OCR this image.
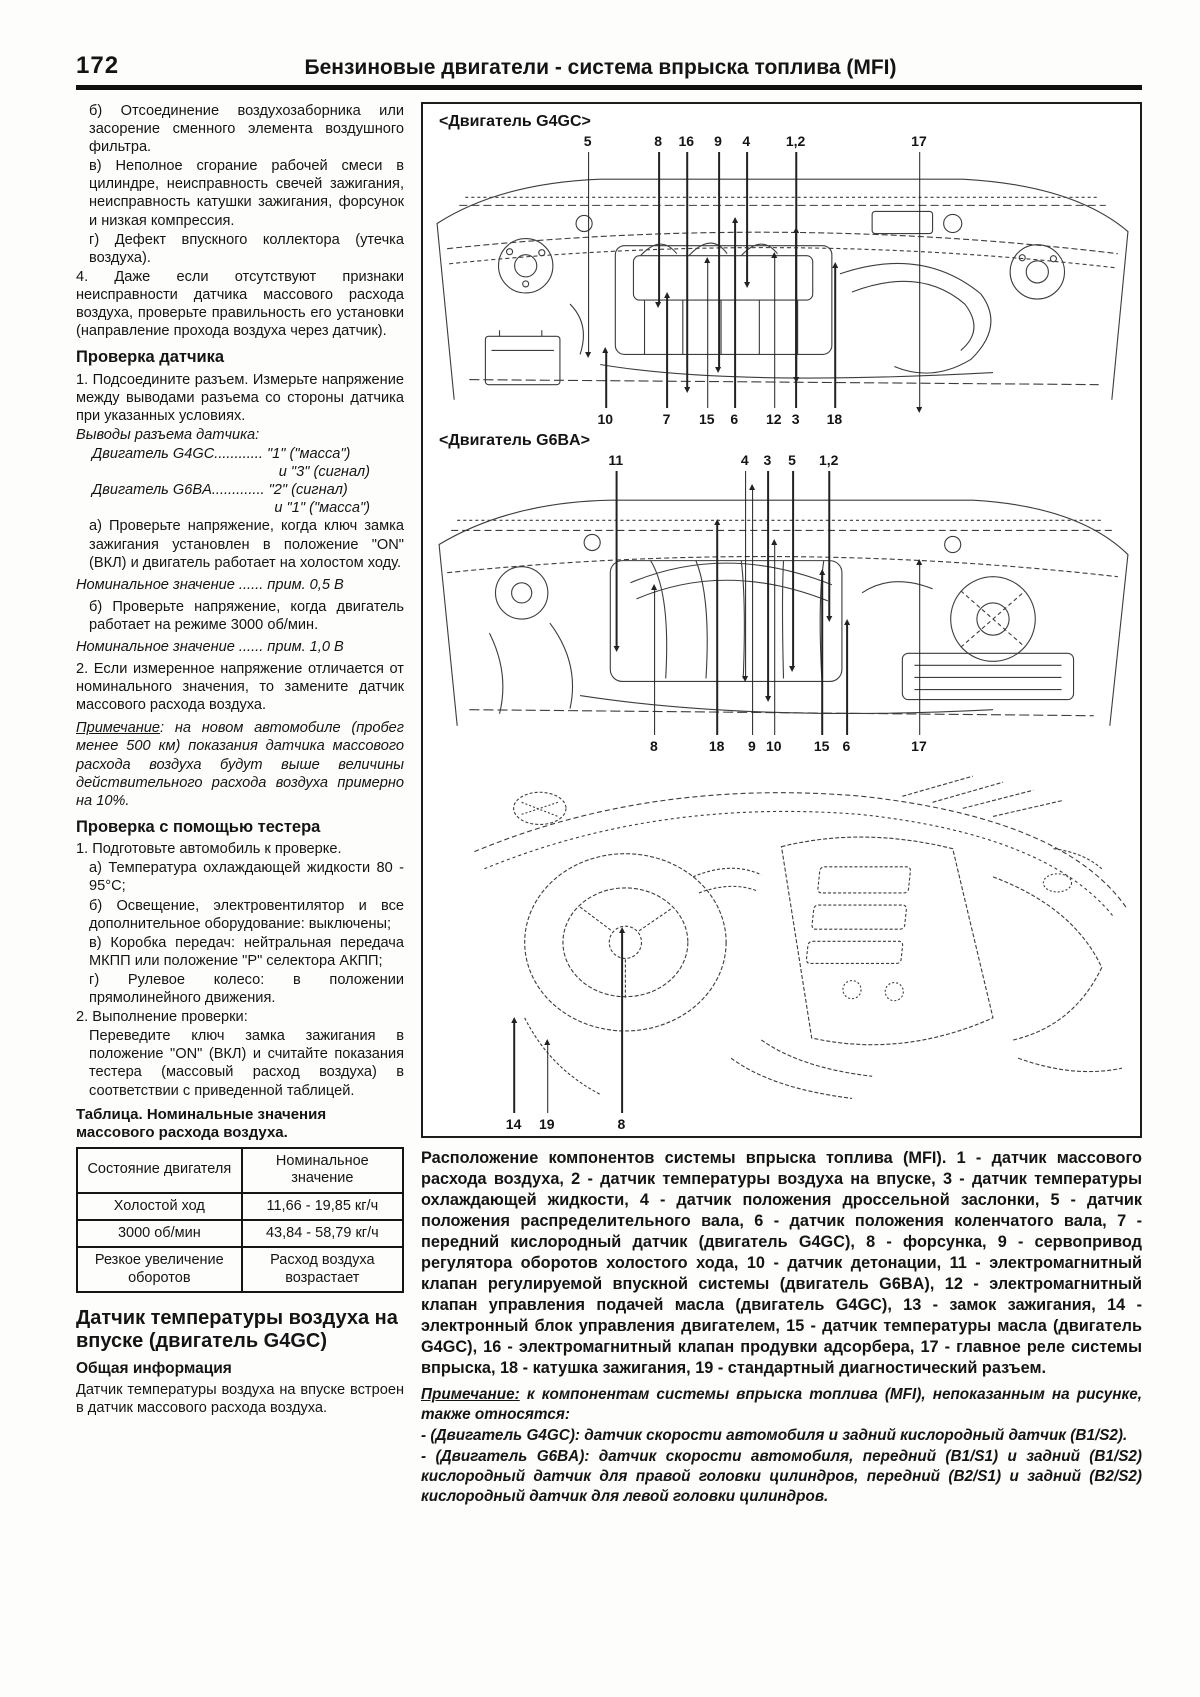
172	Бензиновые двигатели - система впрыска топлива (MFI)

б) Отсоединение воздухозаборника или засорение сменного элемента воздушного фильтра.

в) Неполное сгорание рабочей смеси в цилиндре, неисправность свечей зажигания, неисправность катушки зажигания, форсунок и низкая компрессия.

г) Дефект впускного коллектора (утечка воздуха).

4. Даже если отсутствуют признаки неисправности датчика массового расхода воздуха, проверьте правильность его установки (направление прохода воздуха через датчик).

Проверка датчика

1. Подсоедините разъем. Измерьте напряжение между выводами разъема со стороны датчика при указанных условиях.

Выводы разъема датчика:

Двигатель G4GC............ "1" ("масса")

и "3" (сигнал)

Двигатель G6BA............. "2" (сигнал)

и "1" ("масса")

а) Проверьте напряжение, когда ключ замка зажигания установлен в положение "ON" (ВКЛ) и двигатель работает на холостом ходу.

Номинальное значение ...... прим. 0,5 В

б) Проверьте напряжение, когда двигатель работает на режиме 3000 об/мин.

Номинальное значение ...... прим. 1,0 В

2. Если измеренное напряжение отличается от номинального значения, то замените датчик массового расхода воздуха.

Примечание: на новом автомобиле (пробег менее 500 км) показания датчика массового расхода воздуха будут выше величины действительного расхода воздуха примерно на 10%.

Проверка с помощью тестера

1. Подготовьте автомобиль к проверке.

а) Температура охлаждающей жидкости 80 - 95°С;

б) Освещение, электровентилятор и все дополнительное оборудование: выключены;

в) Коробка передач: нейтральная передача МКПП или положение "Р" селектора АКПП;

г) Рулевое колесо: в положении прямолинейного движения.

2. Выполнение проверки:

Переведите ключ замка зажигания в положение "ON" (ВКЛ) и считайте показания тестера (массовый расход воздуха) в соответствии с приведенной таблицей.

Таблица. Номинальные значения массового расхода воздуха.
Состояние двигателя	Номинальное значение
Холостой ход	11,66 - 19,85 кг/ч
3000 об/мин	43,84 - 58,79 кг/ч
Резкое увеличение оборотов	Расход воздуха возрастает
Датчик температуры воздуха на впуске (двигатель G4GC)
Общая информация

Датчик температуры воздуха на впуске встроен в датчик массового расхода воздуха.

<Двигатель G4GC>
5	8 16 9 4	1,2	17
10	7 15 6 12 3 18
<Двигатель G6BA>
11	4 3 5 1,2
8	18 9 10 15 6	17
14 19	8

Расположение компонентов системы впрыска топлива (MFI). 1 - датчик массового расхода воздуха, 2 - датчик температуры воздуха на впуске, 3 - датчик температуры охлаждающей жидкости, 4 - датчик положения дроссельной заслонки, 5 - датчик положения распределительного вала, 6 - датчик положения коленчатого вала, 7 - передний кислородный датчик (двигатель G4GC), 8 - форсунка, 9 - сервопривод регулятора оборотов холостого хода, 10 - датчик детонации, 11 - электромагнитный клапан регулируемой впускной системы (двигатель G6BA), 12 - электромагнитный клапан управления подачей масла (двигатель G4GC), 13 - замок зажигания, 14 - электронный блок управления двигателем, 15 - датчик температуры масла (двигатель G4GC), 16 - электромагнитный клапан продувки адсорбера, 17 - главное реле системы впрыска, 18 - катушка зажигания, 19 - стандартный диагностический разъем.

Примечание: к компонентам системы впрыска топлива (MFI), непоказанным на рисунке, также относятся:

- (Двигатель G4GC): датчик скорости автомобиля и задний кислородный датчик (B1/S2).

- (Двигатель G6BA): датчик скорости автомобиля, передний (B1/S1) и задний (B1/S2) кислородный датчик для правой головки цилиндров, передний (B2/S1) и задний (B2/S2) кислородный датчик для левой головки цилиндров.
